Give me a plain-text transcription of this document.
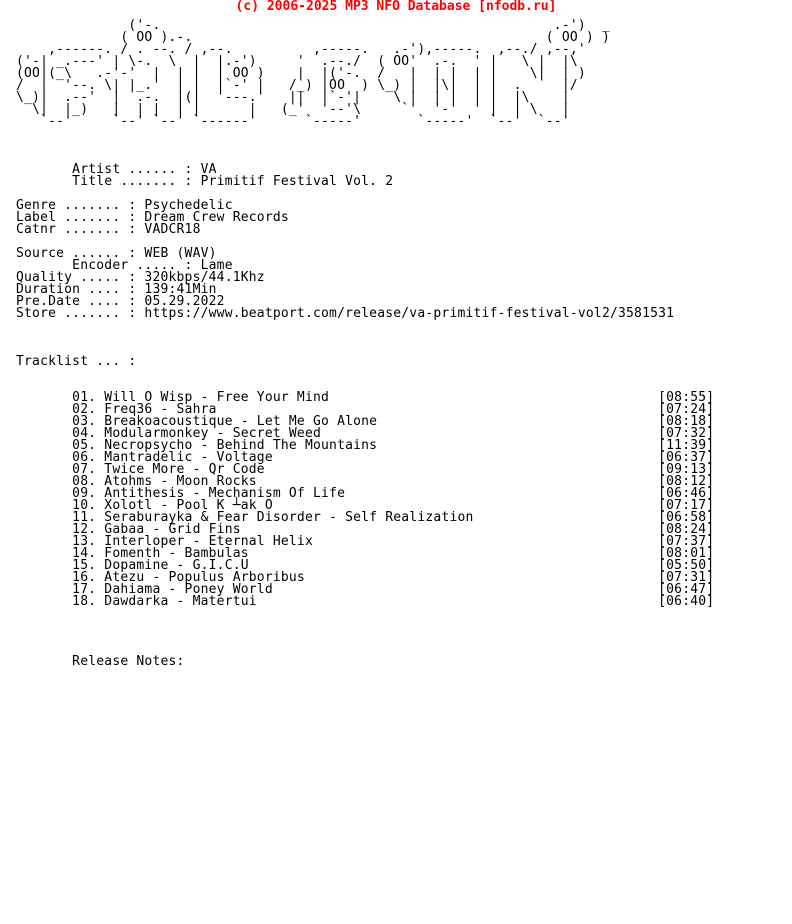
(c) 2006-2025 MP3 NFO Database [nfodb.ru]
('-.                                                 .-')  _
( OO ).-.                                            ( OO ) )
,------. / . --. / ,--.          ,-----.   .-'),-----.  ,--./ ,--,'
('-| _.---' | \-.  \  |  |.-')     '  .--./  ( OO'  .-.  ' |   \ |  |\
(OO|(_\   .-'-'  |  | |  | OO )    |  |('-.  /   |  | |  | |    \|  | )
/  |  '--. \| |_.'  | |  |`-' |   /_) |OO  ) \_) |  |\|  | |  .     |/
\_)|  .--'  |  .-.  |(|  '---.'   ||  |`-'|    \ |  | |  | |  |\    |
\|  |_)   |  | |  | |      |   (_'  '--'\     `'  '-'  ' |  | \   |
`--'     `--' `--' `------'      `-----'       `-----'  `--'  `--'
Artist ...... : VA
Title ....... : Primitif Festival Vol. 2
Genre ....... : Psychedelic
Label ....... : Dream Crew Records
Catnr ....... : VADCR18
Source ...... : WEB (WAV)
Encoder ..... : Lame
Quality ..... : 320kbps/44.1Khz
Duration .... : 139:41Min
Pre.Date .... : 05.29.2022
Store ....... : https://www.beatport.com/release/va-primitif-festival-vol2/3581531
Tracklist ... :
01. Will O Wisp - Free Your Mind                                         [08:55]
02. Freq36 - Sahra                                                       [07:24]
03. Breakoacoustique - Let Me Go Alone                                   [08:18]
04. Modularmonkey - Secret Weed                                          [07:32]
05. Necropsycho - Behind The Mountains                                   [11:39]
06. Mantradelic - Voltage                                                [06:37]
07. Twice More - Qr Code                                                 [09:13]
08. Atohms - Moon Rocks                                                  [08:12]
09. Antithesis - Mechanism Of Life                                       [06:46]
10. Xolotl - Pool K ┴ak O                                                [07:17]
11. Seraburayka & Fear Disorder - Self Realization                       [06:58]
12. Gabaa - Grid Fins                                                    [08:24]
13. Interloper - Eternal Helix                                           [07:37]
14. Fomenth - Bambulas                                                   [08:01]
15. Dopamine - G.I.C.U                                                   [05:50]
16. Atezu - Populus Arboribus                                            [07:31]
17. Dahiama - Poney World                                                [06:47]
18. Dawdarka - Matertui                                                  [06:40]
Release Notes:
